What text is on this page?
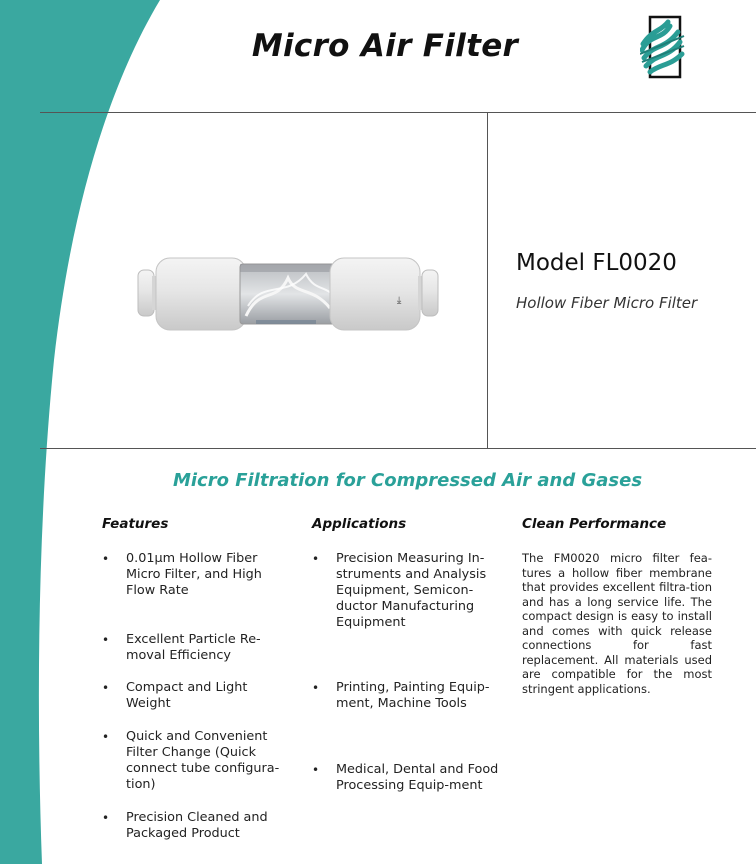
Micro Air Filter
⇥
Model FL0020

Hollow Fiber Micro Filter

Micro Filtration for Compressed Air and Gases

Features

• 0.01μm Hollow Fiber Micro Filter, and High Flow Rate
• Excellent Particle Re-moval Efficiency
• Compact and Light Weight
• Quick and Convenient Filter Change (Quick connect tube configura-tion)
• Precision Cleaned and Packaged Product

Applications

• Precision Measuring In-struments and Analysis Equipment, Semicon-ductor Manufacturing Equipment
• Printing, Painting Equip-ment, Machine Tools
• Medical, Dental and Food Processing Equip-ment

Clean Performance

The FM0020 micro filter fea-tures a hollow fiber membrane that provides excellent filtra-tion and has a long service life. The compact design is easy to install and comes with quick release connections for fast replacement. All materials used are compatible for the most stringent applications.
